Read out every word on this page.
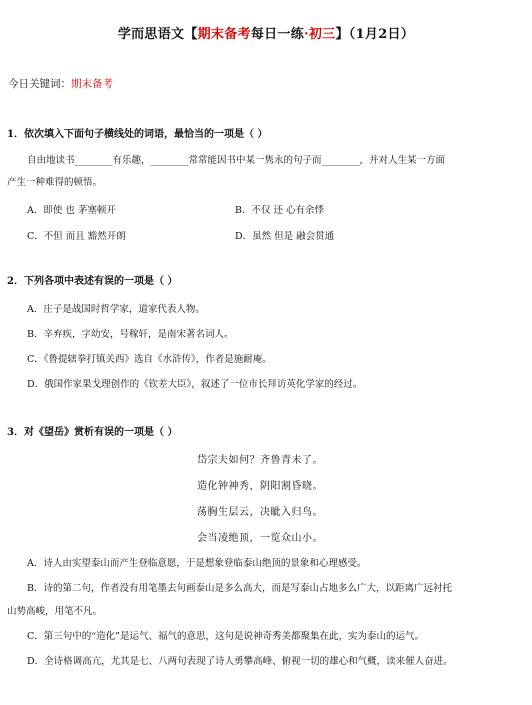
学而思语文【期末备考每日一练·初三】（1月2日）
今日关键词：期末备考
1．依次填入下面句子横线处的词语，最恰当的一项是（ ）
自由地读书________有乐趣，________常常能因书中某一隽永的句子而________，并对人生某一方面
产生一种难得的顿悟。
A．即使 也 茅塞顿开	B．不仅 还 心有余悸
C．不但 而且 豁然开朗	D．虽然 但是 融会贯通
2．下列各项中表述有误的一项是（ ）
A．庄子是战国时哲学家，道家代表人物。
B．辛弃疾，字幼安，号稼轩，是南宋著名词人。
C．《鲁提辖拳打镇关西》选自《水浒传》，作者是施耐庵。
D．俄国作家果戈理创作的《钦差大臣》，叙述了一位市长拜访英化学家的经过。
3．对《望岳》赏析有误的一项是（ ）
岱宗夫如何？齐鲁青未了。
造化钟神秀，阴阳割昏晓。
荡胸生层云，决眦入归鸟。
会当凌绝顶，一览众山小。
A．诗人由实望泰山而产生登临意愿，于是想象登临泰山绝顶的景象和心理感受。
B．诗的第二句，作者没有用笔墨去句画泰山是多么高大，而是写泰山占地多么广大，以距离广远衬托
山势高峻，用笔不凡。
C．第三句中的“造化”是运气、福气的意思，这句是说神奇秀美都聚集在此，实为泰山的运气。
D．全诗格调高亢，尤其是七、八两句表现了诗人勇攀高峰、俯视一切的雄心和气概，读来催人奋进。
